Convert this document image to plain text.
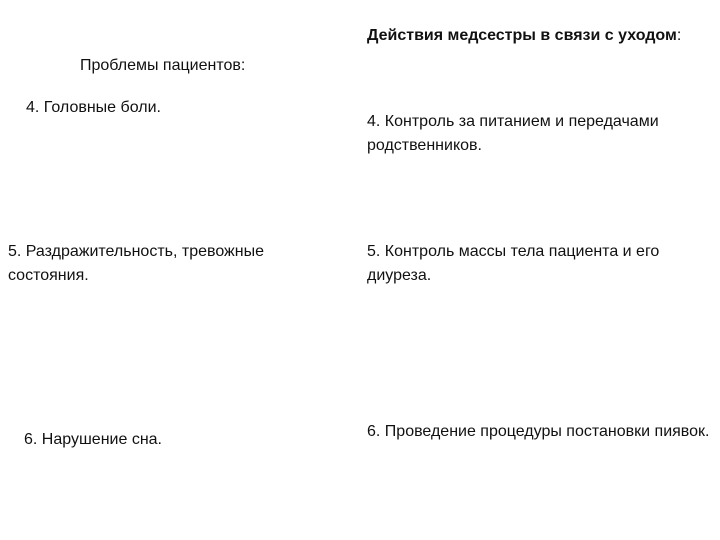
Проблемы пациентов:
Действия медсестры в связи с уходом:
4. Головные боли.
4. Контроль за питанием и передачами родственников.
5. Раздражительность, тревожные состояния.
5. Контроль массы тела пациента и его диуреза.
6. Нарушение сна.	6. Проведение процедуры постановки пиявок.
